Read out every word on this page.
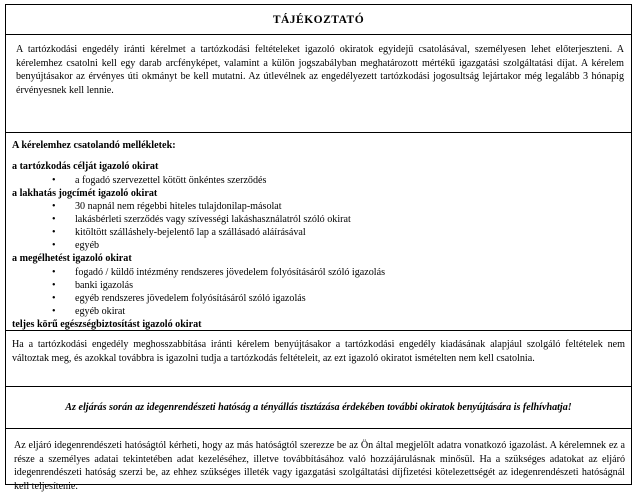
TÁJÉKOZTATÓ

A tartózkodási engedély iránti kérelmet a tartózkodási feltételeket igazoló okiratok egyidejű csatolásával, személyesen lehet előterjeszteni. A kérelemhez csatolni kell egy darab arcfényképet, valamint a külön jogszabályban meghatározott mértékű igazgatási szolgáltatási díjat. A kérelem benyújtásakor az érvényes úti okmányt be kell mutatni. Az útlevélnek az engedélyezett tartózkodási jogosultság lejártakor még legalább 3 hónapig érvényesnek kell lennie.

A kérelemhez csatolandó mellékletek:
a tartózkodás célját igazoló okirat
• a fogadó szervezettel kötött önkéntes szerződés
a lakhatás jogcímét igazoló okirat
• 30 napnál nem régebbi hiteles tulajdonilap-másolat
• lakásbérleti szerződés vagy szívességi lakáshasználatról szóló okirat
• kitöltött szálláshely-bejelentő lap a szállásadó aláírásával
• egyéb
a megélhetést igazoló okirat
• fogadó / küldő intézmény rendszeres jövedelem folyósításáról szóló igazolás
• banki igazolás
• egyéb rendszeres jövedelem folyósításáról szóló igazolás
• egyéb okirat
teljes körű egészségbiztosítást igazoló okirat

Ha a tartózkodási engedély meghosszabbítása iránti kérelem benyújtásakor a tartózkodási engedély kiadásának alapjául szolgáló feltételek nem változtak meg, és azokkal továbbra is igazolni tudja a tartózkodás feltételeit, az ezt igazoló okiratot ismételten nem kell csatolnia.

Az eljárás során az idegenrendészeti hatóság a tényállás tisztázása érdekében további okiratok benyújtására is felhívhatja!

Az eljáró idegenrendészeti hatóságtól kérheti, hogy az más hatóságtól szerezze be az Ön által megjelölt adatra vonatkozó igazolást. A kérelemnek ez a része a személyes adatai tekintetében adat kezeléséhez, illetve továbbításához való hozzájárulásnak minősül. Ha a szükséges adatokat az eljáró idegenrendészeti hatóság szerzi be, az ehhez szükséges illeték vagy igazgatási szolgáltatási díjfizetési kötelezettségét az idegenrendészeti hatóságnál kell teljesítenie.
